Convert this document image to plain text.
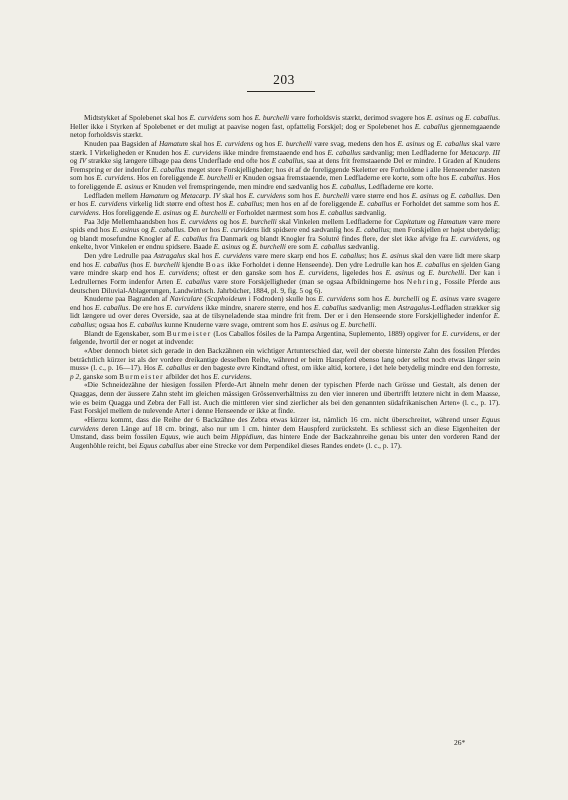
203

Midtstykket af Spolebenet skal hos E. curvidens som hos E. burchelli være forholdsvis stærkt, derimod svagere hos E. asinus og E. caballus. Heller ikke i Styrken af Spolebenet er det muligt at paavise nogen fast, opfattelig Forskjel; dog er Spolebenet hos E. caballus gjennemgaaende netop forholdsvis stærkt.

Knuden paa Bagsiden af Hamatum skal hos E. curvidens og hos E. burchelli være svag, medens den hos E. asinus og E. caballus skal være stærk. I Virkeligheden er Knuden hos E. curvidens ikke mindre fremstaaende end hos E. caballus sædvanlig; men Ledfladerne for Metacarp. III og IV strække sig længere tilbage paa dens Underflade end ofte hos E caballus, saa at dens frit fremstaaende Del er mindre. I Graden af Knudens Fremspring er der indenfor E. caballus meget store Forskjelligheder; hos ét af de foreliggende Skeletter ere Forholdene i alle Henseender næsten som hos E. curvidens. Hos en foreliggende E. burchelli er Knuden ogsaa fremstaaende, men Ledfladerne ere korte, som ofte hos E. caballus. Hos to foreliggende E. asinus er Knuden vel fremspringende, men mindre end sædvanlig hos E. caballus, Ledfladerne ere korte.

Ledfladen mellem Hamatum og Metacarp. IV skal hos E. curvidens som hos E. burchelli være større end hos E. asinus og E. caballus. Den er hos E. curvidens virkelig lidt større end oftest hos E. caballus; men hos en af de foreliggende E. caballus er Forholdet det samme som hos E. curvidens. Hos foreliggende E. asinus og E. burchelli er Forholdet nærmest som hos E. caballus sædvanlig.

Paa 3dje Mellemhaandsben hos E. curvidens og hos E. burchelli skal Vinkelen mellem Ledfladerne for Capitatum og Hamatum være mere spids end hos E. asinus og E. caballus. Den er hos E. curvidens lidt spidsere end sædvanlig hos E. caballus; men Forskjellen er højst ubetydelig; og blandt mosefundne Knogler af E. caballus fra Danmark og blandt Knogler fra Solutré findes flere, der slet ikke afvige fra E. curvidens, og enkelte, hvor Vinkelen er endnu spidsere. Baade E. asinus og E. burchelli ere som E. caballus sædvanlig.

Den ydre Ledrulle paa Astragalus skal hos E. curvidens være mere skarp end hos E. caballus; hos E. asinus skal den være lidt mere skarp end hos E. caballus (hos E. burchelli kjendte Boas ikke Forholdet i denne Henseende). Den ydre Ledrulle kan hos E. caballus en sjelden Gang være mindre skarp end hos E. curvidens; oftest er den ganske som hos E. curvidens, ligeledes hos E. asinus og E. burchelli. Der kan i Ledrullernes Form indenfor Arten E. caballus være store Forskjelligheder (man se ogsaa Afbildningerne hos Nehring, Fossile Pferde aus deutschen Diluvial-Ablagerungen, Landwirthsch. Jahrbücher, 1884, pl. 9, fig. 5 og 6).

Knuderne paa Bagranden af Naviculare (Scaphoideum i Fodroden) skulle hos E. curvidens som hos E. burchelli og E. asinus være svagere end hos E. caballus. De ere hos E. curvidens ikke mindre, snarere større, end hos E. caballus sædvanlig; men Astragalus-Ledfladen strækker sig lidt længere ud over deres Overside, saa at de tilsyneladende staa mindre frit frem. Der er i den Henseende store Forskjelligheder indenfor E. caballus; ogsaa hos E. caballus kunne Knuderne være svage, omtrent som hos E. asinus og E. burchelli.

Blandt de Egenskaber, som Burmeister (Los Caballos fósiles de la Pampa Argentina, Suplemento, 1889) opgiver for E. curvidens, er der følgende, hvortil der er noget at indvende:

«Aber dennoch bietet sich gerade in den Backzähnen ein wichtiger Artunterschied dar, weil der oberste hinterste Zahn des fossilen Pferdes beträchtlich kürzer ist als der vordere dreikantige desselben Reihe, während er beim Hauspferd ebenso lang oder selbst noch etwas länger sein muss» (l. c., p. 16—17). Hos E. caballus er den bageste øvre Kindtand oftest, om ikke altid, kortere, i det hele betydelig mindre end den forreste, p 2, ganske som Burmeister afbilder det hos E. curvidens.

«Die Schneidezähne der hiesigen fossilen Pferde-Art ähneln mehr denen der typischen Pferde nach Grösse und Gestalt, als denen der Quaggas, denn der äussere Zahn steht im gleichen mässigen Grössenverhältniss zu den vier inneren und übertrifft letztere nicht in dem Maasse, wie es beim Quagga und Zebra der Fall ist. Auch die mittleren vier sind zierlicher als bei den genannten südafrikanischen Arten» (l. c., p. 17). Fast Forskjel mellem de nulevende Arter i denne Henseende er ikke at finde.

«Hierzu kommt, dass die Reihe der 6 Backzähne des Zebra etwas kürzer ist, nämlich 16 cm. nicht überschreitet, während unser Equus curvidens deren Länge auf 18 cm. bringt, also nur um 1 cm. hinter dem Hauspferd zurücksteht. Es schliesst sich an diese Eigenheiten der Umstand, dass beim fossilen Equus, wie auch beim Hippidium, das hintere Ende der Backzahnreihe genau bis unter den vorderen Rand der Augenhöhle reicht, bei Equus caballus aber eine Strecke vor dem Perpendikel dieses Randes endet» (l. c., p. 17).

26*
